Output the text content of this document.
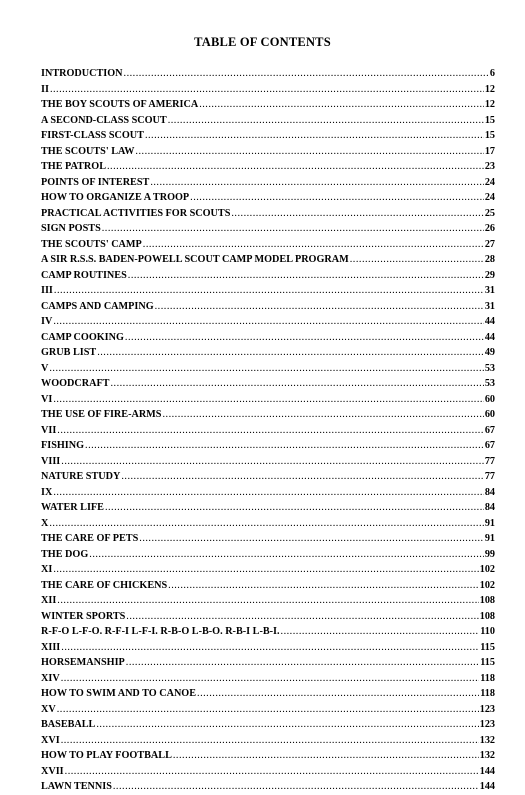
TABLE OF CONTENTS
INTRODUCTION .....	6
II .....	12
THE BOY SCOUTS OF AMERICA .....	12
A SECOND-CLASS SCOUT .....	15
FIRST-CLASS SCOUT .....	15
THE SCOUTS' LAW .....	17
THE PATROL .....	23
POINTS OF INTEREST .....	24
HOW TO ORGANIZE A TROOP .....	24
PRACTICAL ACTIVITIES FOR SCOUTS .....	25
SIGN POSTS .....	26
THE SCOUTS' CAMP .....	27
A SIR R.S.S. BADEN-POWELL SCOUT CAMP MODEL PROGRAM .....	28
CAMP ROUTINES .....	29
III .....	31
CAMPS AND CAMPING .....	31
IV .....	44
CAMP COOKING .....	44
GRUB LIST .....	49
V .....	53
WOODCRAFT .....	53
VI .....	60
THE USE OF FIRE-ARMS .....	60
VII .....	67
FISHING .....	67
VIII .....	77
NATURE STUDY .....	77
IX .....	84
WATER LIFE .....	84
X .....	91
THE CARE OF PETS .....	91
THE DOG .....	99
XI .....	102
THE CARE OF CHICKENS .....	102
XII .....	108
WINTER SPORTS .....	108
R-F-O L-F-O. R-F-I L-F-I. R-B-O L-B-O. R-B-I L-B-I. .....	110
XIII .....	115
HORSEMANSHIP .....	115
XIV .....	118
HOW TO SWIM AND TO CANOE .....	118
XV .....	123
BASEBALL .....	123
XVI .....	132
HOW TO PLAY FOOTBALL .....	132
XVII .....	144
LAWN TENNIS .....	144
